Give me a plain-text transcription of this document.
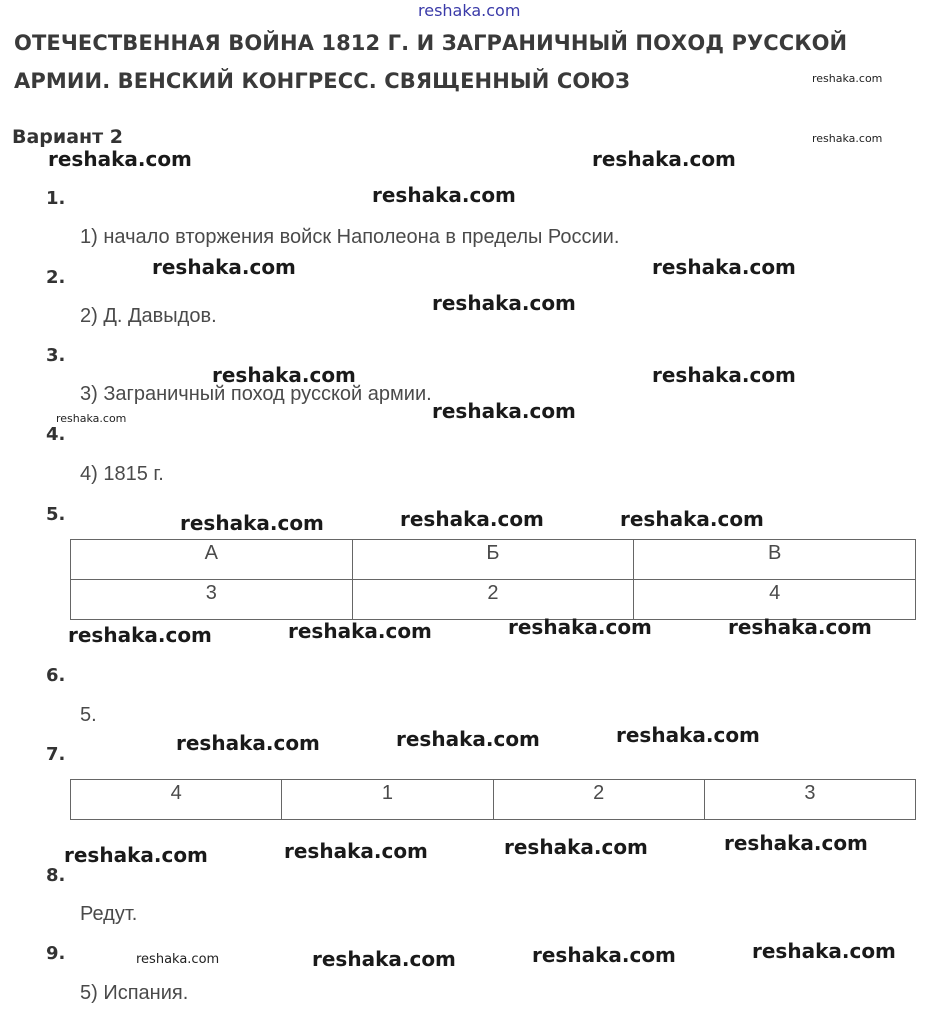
reshaka.com
ОТЕЧЕСТВЕННАЯ ВОЙНА 1812 Г. И ЗАГРАНИЧНЫЙ ПОХОД РУССКОЙ
АРМИИ. ВЕНСКИЙ КОНГРЕСС. СВЯЩЕННЫЙ СОЮЗ
Вариант 2
1.
1) начало вторжения войск Наполеона в пределы России.
2.
2) Д. Давыдов.
3.
3) Заграничный поход русской армии.
4.
4) 1815 г.
5.
А	Б	В
3	2	4
6.
5.
7.
4	1	2	3
8.
Редут.
9.
5) Испания.
reshaka.com
reshaka.com
reshaka.com	reshaka.com
reshaka.com
reshaka.com	reshaka.com
reshaka.com
reshaka.com	reshaka.com
reshaka.com
reshaka.com
reshaka.com	reshaka.com	reshaka.com
reshaka.com	reshaka.com	reshaka.com	reshaka.com
reshaka.com	reshaka.com	reshaka.com
reshaka.com	reshaka.com	reshaka.com	reshaka.com
reshaka.com	reshaka.com	reshaka.com	reshaka.com
